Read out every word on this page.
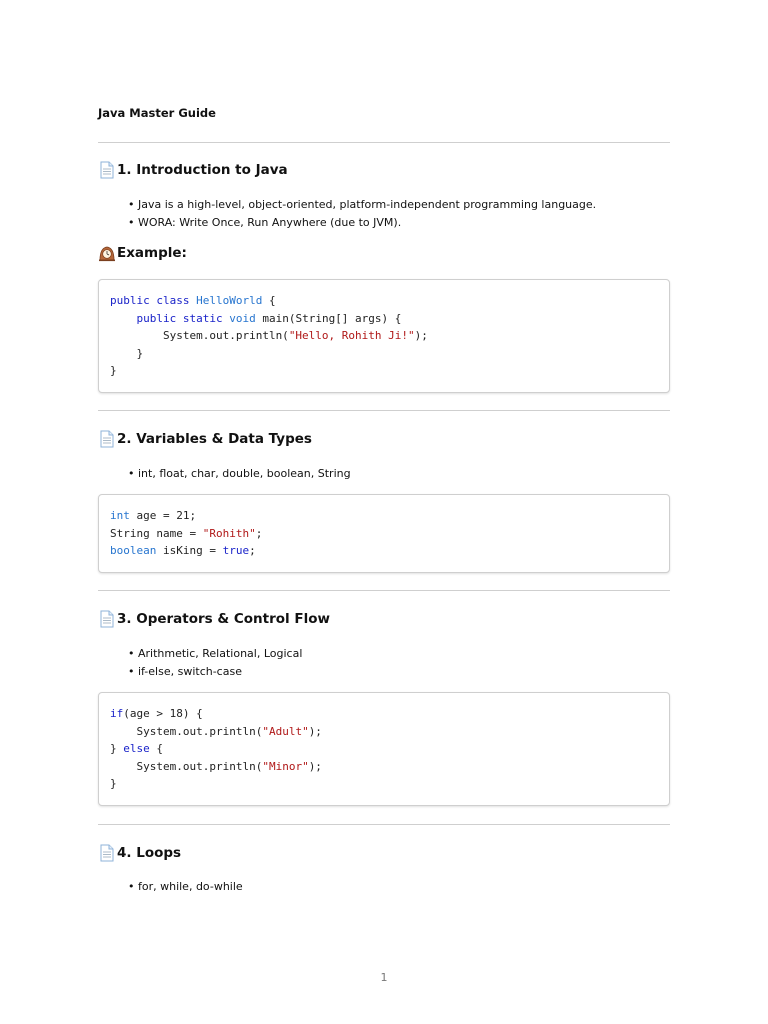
Java Master Guide
1. Introduction to Java
• Java is a high-level, object-oriented, platform-independent programming language.
• WORA: Write Once, Run Anywhere (due to JVM).
Example:
public class HelloWorld {
public static void main(String[] args) {
System.out.println("Hello, Rohith Ji!");
}
}
2. Variables & Data Types
• int, float, char, double, boolean, String
int age = 21;
String name = "Rohith";
boolean isKing = true;
3. Operators & Control Flow
• Arithmetic, Relational, Logical
• if-else, switch-case
if(age > 18) {
System.out.println("Adult");
} else {
System.out.println("Minor");
}
4. Loops
• for, while, do-while
1
